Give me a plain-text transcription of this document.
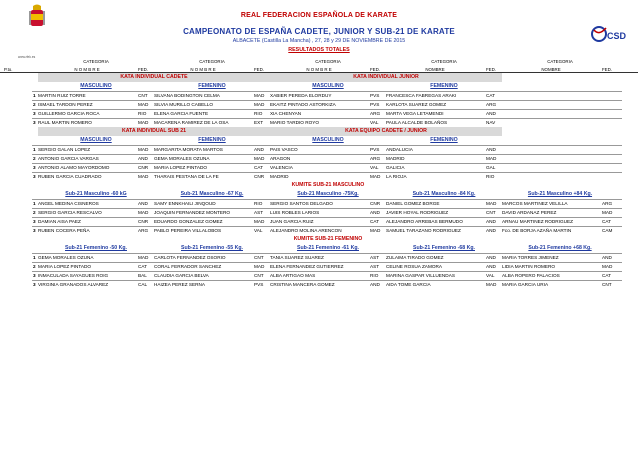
www.rfek.es
CSD
REAL FEDERACION ESPAÑOLA DE KARATE
CAMPEONATO DE ESPAÑA CADETE, JUNIOR Y SUB-21 DE KARATE
ALBACETE (Castilla La Mancha) , 27, 28 y 29 DE NOVIEMBRE DE 2015
RESULTADOS TOTALES
CATEGORIA	CATEGORIA	CATEGORIA	CATEGORIA	CATEGORIA
P.to.	N O M B R E	FED.	N O M B R E	FED.	N O M B R E	FED.	NOMBRE	FED.	NOMBRE	FED.
KATA INDIVIDUAL CADETE	KATA INDIVIDUAL JUNIOR
MASCULINO	FEMENINO	MASCULINO	FEMENINO
1 MARTIN RUIZ TORRE	CNT	SILVANA BODINGTON CELMA	MAD	XABIER PEREDA ELORDUY	PVS	FRANCESCA FABREGAS ARAKI	CAT
2 ISMAEL TARDON PEREZ	MAD	SILVIA MURILLO CABELLO	MAD	EKAITZ PINTADO ASTORKIZA	PVS	KARLOTA SUAREZ GOMEZ	ARG
3 GUILLERMO GARCIA ROCA	RIO	ELENA GARCIA FUENTE	RIO	XIA CHENYAN	ARG	MARTA VEGA LETAMENDI	AND
3 RAUL MARTIN ROMERO	MAD	MACARENA RAMIREZ DE LA OSA	EXT	MARIO TARDIO ROYO	VAL	PAULA ALCALDE BOLAÑOS	NAV
KATA INDIVIDUAL SUB 21	KATA EQUIPO CADETE / JUNIOR
MASCULINO	FEMENINO	MASCULINO	FEMENINO
1 SERGIO GALAN LOPEZ	MAD	MARGARITA MORATA MARTOS	AND	PAIS VASCO	PVS	ANDALUCIA	AND
2 ANTONIO GARCIA VARGAS	AND	GEMA MORALES OZUNA	MAD	ARAGON	ARG	MADRID	MAD
3 ANTONIO ALAMO MAYORDOMO	CNR	MARIA LOPEZ PINTADO	CAT	VALENCIA	VAL	GALICIA	GAL
3 RUBEN GARCIA CUADRADO	MAD	THARAIS PESTANA DE LA FE	CNR	MADRID	MAD	LA RIOJA	RIO
KUMITE SUB-21 MASCULINO
Sub-21 Masculino -60 kG	Sub-21 Masculino -67 Kg.	Sub-21 Masculino -75Kg.	Sub-21 Masculino -84 Kg.	Sub-21 Masculino +84 Kg.
1 ANGEL MEDINA CISNEROS	AND	SAMY ENNKHAILI JINQOUD	RIO	SERGIO SANTOS DELGADO	CNR	DANIEL GOMEZ BORGE	MAD	MARCOS MARTINEZ VELILLA	ARG
2 SERGIO GARCIA RESCALVO	MAD	JOAQUIN FERNANDEZ MONTERO	AST	LUIS ROBLES LARIOS	AND	JAVIER HOYAL RODRIGUEZ	CNT	DAVID ARDANAZ PEREZ	MAD
3 DAMIAN AISA PAEZ	CNR	EDUARDO GONZALEZ GOMEZ	MAD	JUAN GARCIA RUIZ	CAT	ALEJANDRO ARREBAS BERMUDO	AND	ARNAU MARTINEZ RODRIGUEZ	CAT
3 RUBEN COCERA PEÑA	ARG	PABLO PEREIRA VILLALOBOS	VAL	ALEJANDRO MOLINA ARENCON	MAD	SAMUEL TARAZANO RODRIGUEZ	AND	Fco. DE BORJA AZAÑA MARTIN	CAM
KUMITE SUB-21 FEMENINO
Sub-21 Femenino -50 Kg.	Sub-21 Femenino -55 Kg.	Sub-21 Femenino -61 Kg.	Sub-21 Femenino -68 Kg.	Sub-21 Femenino +68 Kg.
1 GEMA MORALES OZUNA	MAD	CARLOTA FERNANDEZ OSORIO	CNT	TANIA SUAREZ SUAREZ	AST	ZULAIMA TIRADO GOMEZ	AND	MARIA TORRES JIMENEZ	AND
2 MARIA LOPEZ PINTADO	CAT	CORAL FERRADOR SANCHEZ	MAD	ELENA FERNANDEZ GUTIERREZ	AST	CELINE ROSUA ZAMORA	AND	LIDIA MARTIN ROMERO	MAD
3 INMACULADA SAYAGUES ROIG	BAL	CLAUDIA GARCIA BELVA	CNT	ALBA ARTIGAO MAS	RIO	MARINA GASPAR VILLUENDAS	VAL	ALBA ROPERO PALACIOS	CAT
3 VIRGINIA GRANADOS ALVAREZ	CAL	HAIZEA PEREZ SERNA	PVS	CRISTINA MANCERA GOMEZ	AND	AIDA TOME GARCIA	MAD	MARIA GARCIA URIA	CNT
